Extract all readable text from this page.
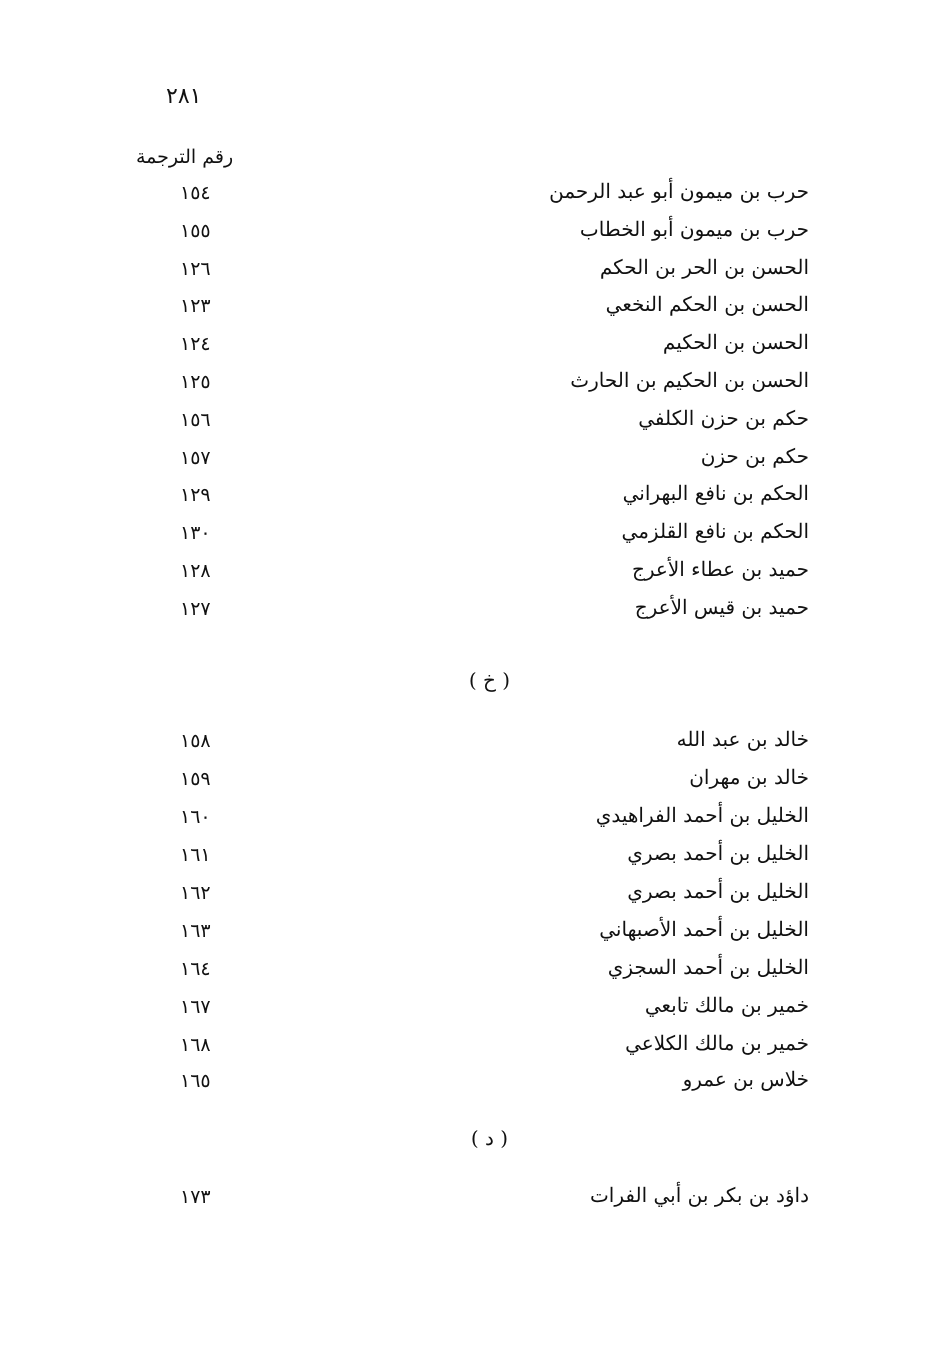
٢٨١
رقم الترجمة
حرب بن ميمون أبو عبد الرحمن
١٥٤
حرب بن ميمون أبو الخطاب
١٥٥
الحسن بن الحر بن الحكم
١٢٦
الحسن بن الحكم النخعي
١٢٣
الحسن بن الحكيم
١٢٤
الحسن بن الحكيم بن الحارث
١٢٥
حكم بن حزن الكلفي
١٥٦
حكم بن حزن
١٥٧
الحكم بن نافع البهراني
١٢٩
الحكم بن نافع القلزمي
١٣٠
حميد بن عطاء الأعرج
١٢٨
حميد بن قيس الأعرج
١٢٧
( خ )
خالد بن عبد الله
١٥٨
خالد بن مهران
١٥٩
الخليل بن أحمد الفراهيدي
١٦٠
الخليل بن أحمد بصري
١٦١
الخليل بن أحمد بصري
١٦٢
الخليل بن أحمد الأصبهاني
١٦٣
الخليل بن أحمد السجزي
١٦٤
خمير بن مالك تابعي
١٦٧
خمير بن مالك الكلاعي
١٦٨
خلاس بن عمرو
١٦٥
( د )
داؤد بن بكر بن أبي الفرات
١٧٣
